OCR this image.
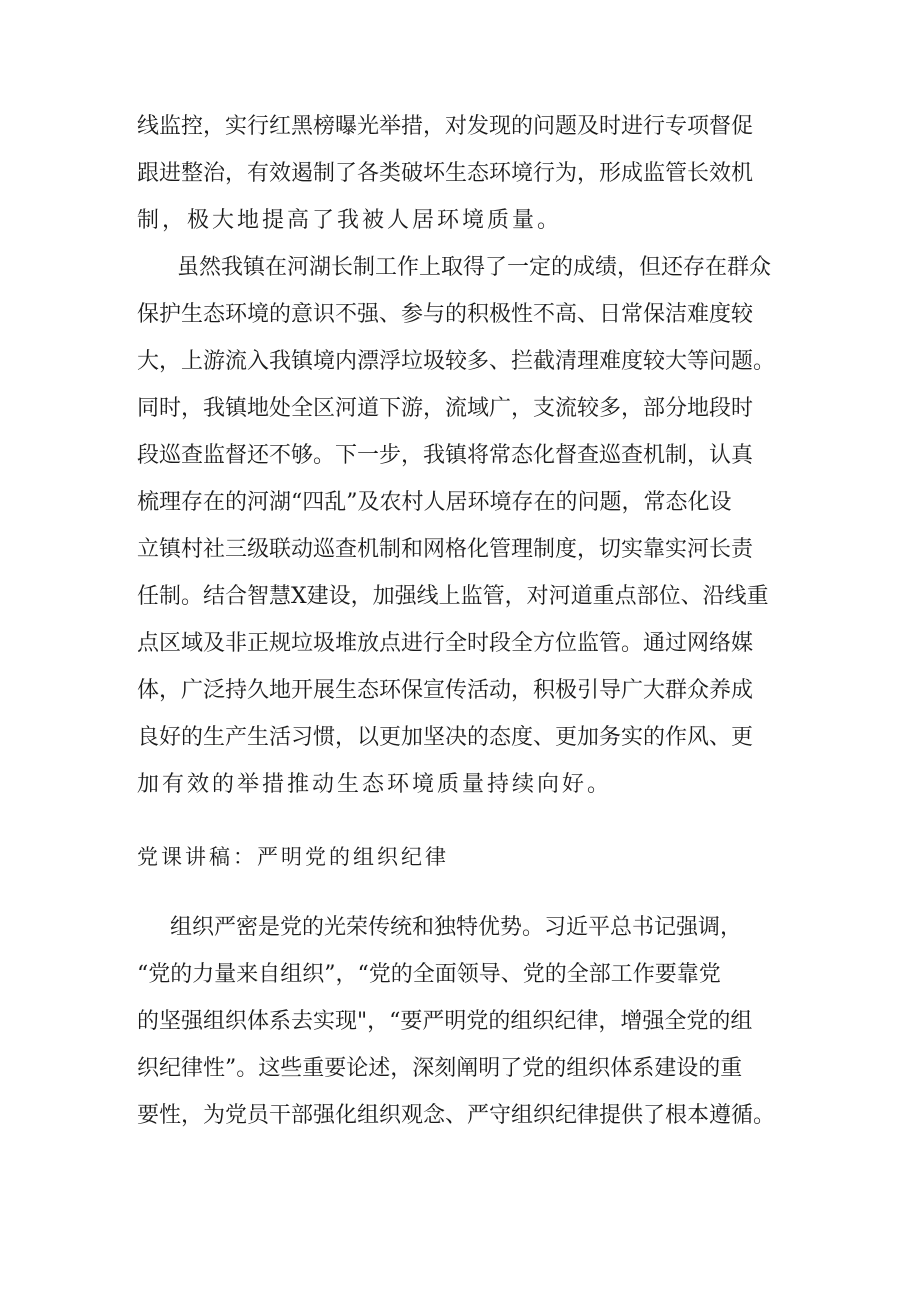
线监控，实行红黑榜曝光举措，对发现的问题及时进行专项督促
跟进整治，有效遏制了各类破坏生态环境行为，形成监管长效机
制，极大地提高了我被人居环境质量。
虽然我镇在河湖长制工作上取得了一定的成绩，但还存在群众
保护生态环境的意识不强、参与的积极性不高、日常保洁难度较
大，上游流入我镇境内漂浮垃圾较多、拦截清理难度较大等问题。
同时，我镇地处全区河道下游，流域广，支流较多，部分地段时
段巡查监督还不够。下一步，我镇将常态化督查巡查机制，认真
梳理存在的河湖“四乱”及农村人居环境存在的问题，常态化设
立镇村社三级联动巡查机制和网格化管理制度，切实靠实河长责
任制。结合智慧X建设，加强线上监管，对河道重点部位、沿线重
点区域及非正规垃圾堆放点进行全时段全方位监管。通过网络媒
体，广泛持久地开展生态环保宣传活动，积极引导广大群众养成
良好的生产生活习惯，以更加坚决的态度、更加务实的作风、更
加有效的举措推动生态环境质量持续向好。
党课讲稿：严明党的组织纪律
组织严密是党的光荣传统和独特优势。习近平总书记强调，
“党的力量来自组织”，“党的全面领导、党的全部工作要靠党
的坚强组织体系去实现"，“要严明党的组织纪律，增强全党的组
织纪律性”。这些重要论述，深刻阐明了党的组织体系建设的重
要性，为党员干部强化组织观念、严守组织纪律提供了根本遵循。
